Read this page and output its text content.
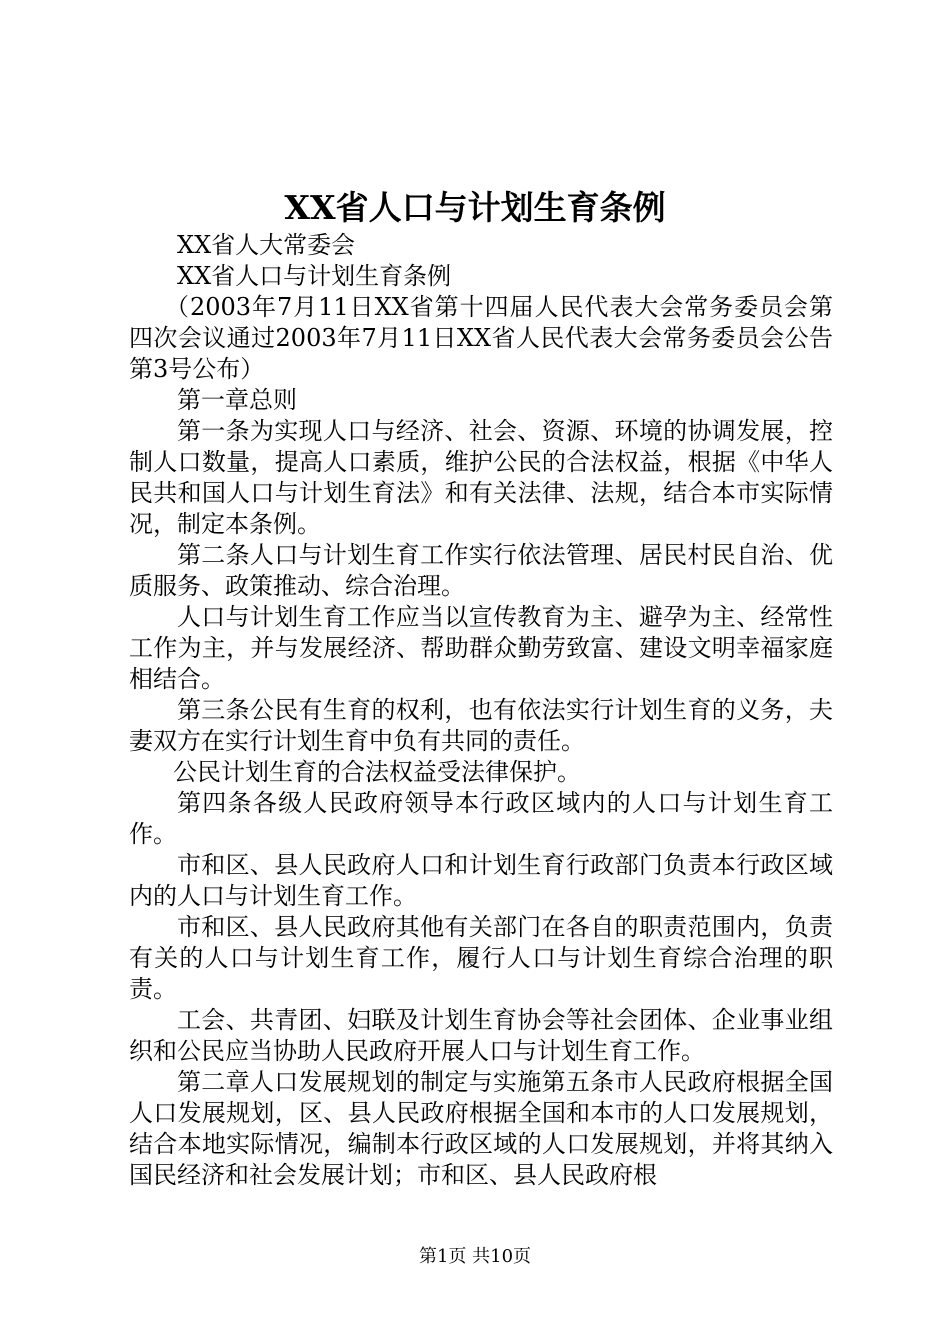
XX省人口与计划生育条例

XX省人大常委会

XX省人口与计划生育条例

（2003年7月11日XX省第十四届人民代表大会常务委员会第四次会议通过2003年7月11日XX省人民代表大会常务委员会公告第3号公布）

第一章总则

第一条为实现人口与经济、社会、资源、环境的协调发展，控制人口数量，提高人口素质，维护公民的合法权益，根据《中华人民共和国人口与计划生育法》和有关法律、法规，结合本市实际情况，制定本条例。

第二条人口与计划生育工作实行依法管理、居民村民自治、优质服务、政策推动、综合治理。

人口与计划生育工作应当以宣传教育为主、避孕为主、经常性工作为主，并与发展经济、帮助群众勤劳致富、建设文明幸福家庭相结合。

第三条公民有生育的权利，也有依法实行计划生育的义务，夫妻双方在实行计划生育中负有共同的责任。

公民计划生育的合法权益受法律保护。

第四条各级人民政府领导本行政区域内的人口与计划生育工作。

市和区、县人民政府人口和计划生育行政部门负责本行政区域内的人口与计划生育工作。

市和区、县人民政府其他有关部门在各自的职责范围内，负责有关的人口与计划生育工作，履行人口与计划生育综合治理的职责。

工会、共青团、妇联及计划生育协会等社会团体、企业事业组织和公民应当协助人民政府开展人口与计划生育工作。

第二章人口发展规划的制定与实施第五条市人民政府根据全国人口发展规划，区、县人民政府根据全国和本市的人口发展规划，结合本地实际情况，编制本行政区域的人口发展规划，并将其纳入国民经济和社会发展计划；市和区、县人民政府根

第1页 共10页
